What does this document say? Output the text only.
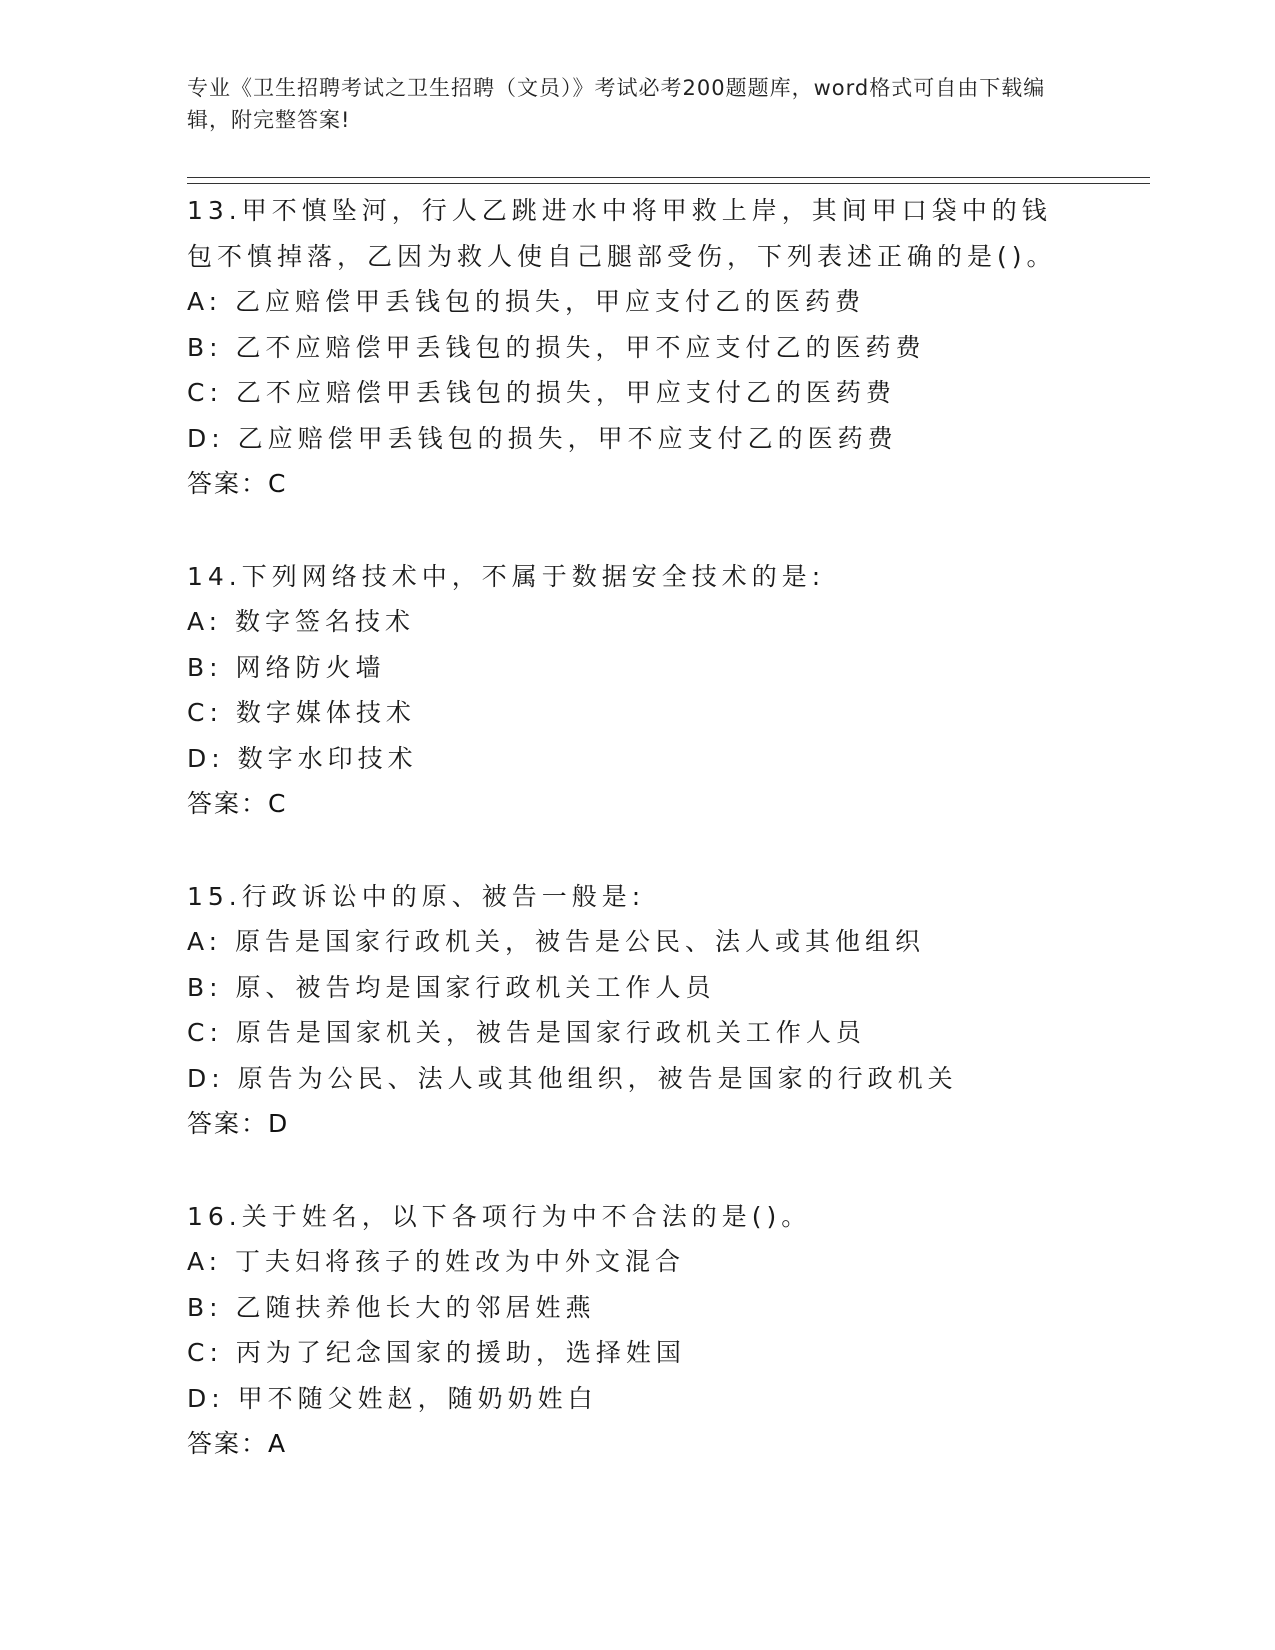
专业《卫生招聘考试之卫生招聘（文员）》考试必考200题题库，word格式可自由下载编辑，附完整答案!
13.甲不慎坠河，行人乙跳进水中将甲救上岸，其间甲口袋中的钱包不慎掉落，乙因为救人使自己腿部受伤，下列表述正确的是()。
A: 乙应赔偿甲丢钱包的损失，甲应支付乙的医药费
B: 乙不应赔偿甲丢钱包的损失，甲不应支付乙的医药费
C: 乙不应赔偿甲丢钱包的损失，甲应支付乙的医药费
D: 乙应赔偿甲丢钱包的损失，甲不应支付乙的医药费
答案：C
14.下列网络技术中，不属于数据安全技术的是:
A: 数字签名技术
B: 网络防火墙
C: 数字媒体技术
D: 数字水印技术
答案：C
15.行政诉讼中的原、被告一般是:
A: 原告是国家行政机关，被告是公民、法人或其他组织
B: 原、被告均是国家行政机关工作人员
C: 原告是国家机关，被告是国家行政机关工作人员
D: 原告为公民、法人或其他组织，被告是国家的行政机关
答案：D
16.关于姓名，以下各项行为中不合法的是()。
A: 丁夫妇将孩子的姓改为中外文混合
B: 乙随扶养他长大的邻居姓燕
C: 丙为了纪念国家的援助，选择姓国
D: 甲不随父姓赵，随奶奶姓白
答案：A
